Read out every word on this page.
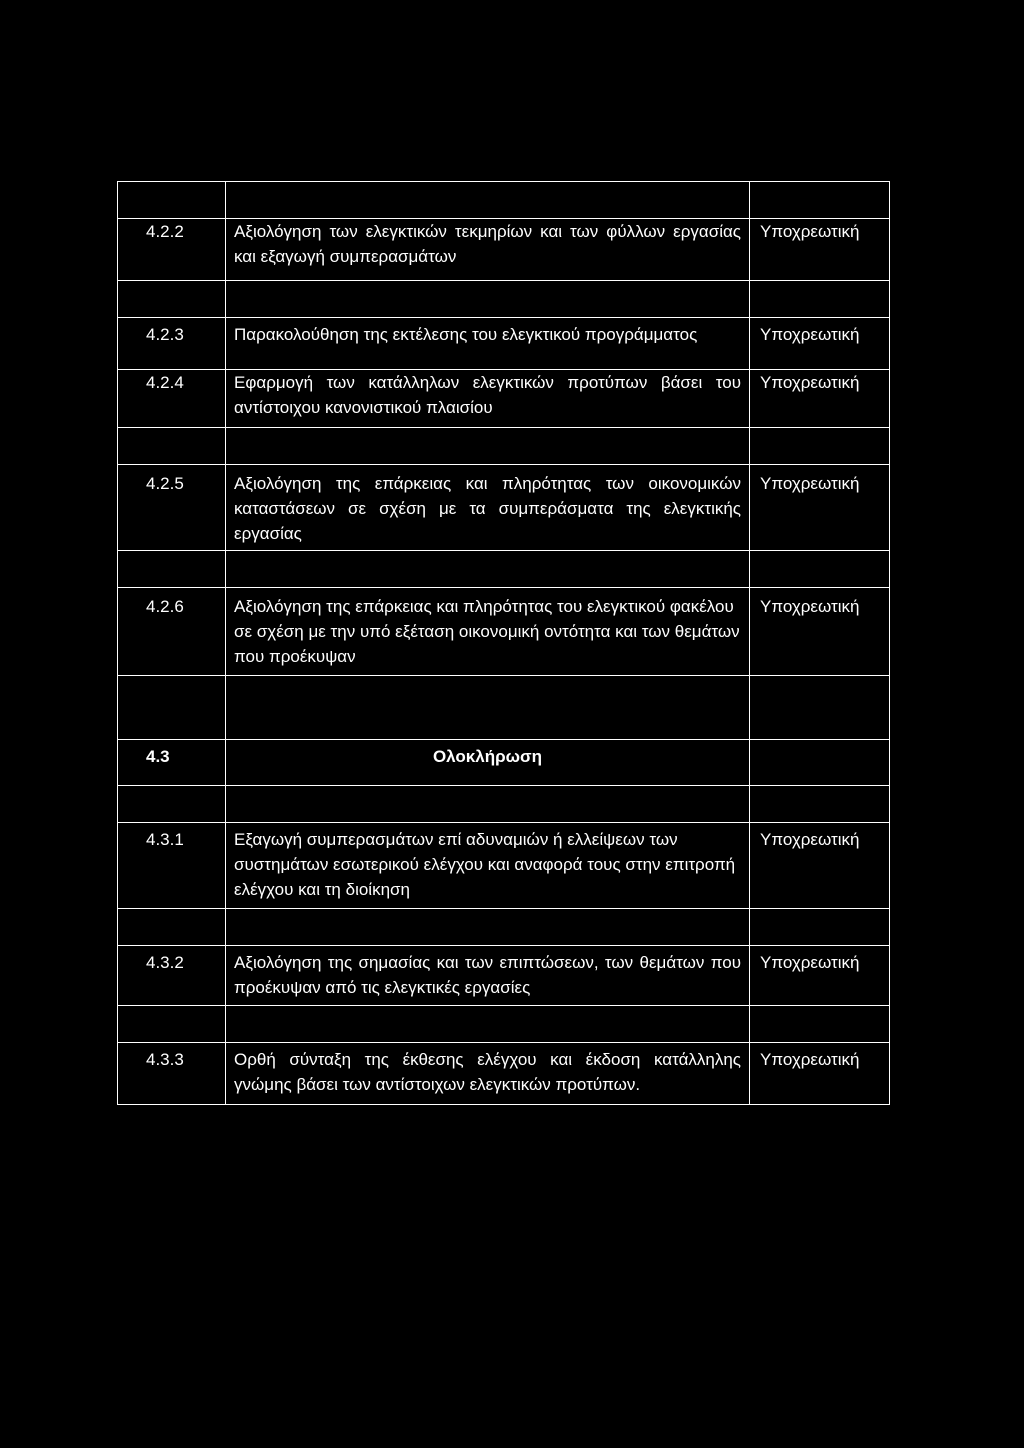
4.2.2	Αξιολόγηση των ελεγκτικών τεκμηρίων και των φύλλων εργασίας και εξαγωγή συμπερασμάτων	Υποχρεωτική

4.2.3	Παρακολούθηση της εκτέλεσης του ελεγκτικού προγράμματος	Υποχρεωτική
4.2.4	Εφαρμογή των κατάλληλων ελεγκτικών προτύπων βάσει του αντίστοιχου κανονιστικού πλαισίου	Υποχρεωτική

4.2.5	Αξιολόγηση της επάρκειας και πληρότητας των οικονομικών καταστάσεων σε σχέση με τα συμπεράσματα της ελεγκτικής εργασίας	Υποχρεωτική

4.2.6	Αξιολόγηση της επάρκειας και πληρότητας του ελεγκτικού φακέλου σε σχέση με την υπό εξέταση οικονομική οντότητα και των θεμάτων που προέκυψαν	Υποχρεωτική

4.3	Ολοκλήρωση	

4.3.1	Εξαγωγή συμπερασμάτων επί αδυναμιών ή ελλείψεων των συστημάτων εσωτερικού ελέγχου και αναφορά τους στην επιτροπή ελέγχου και τη διοίκηση	Υποχρεωτική

4.3.2	Αξιολόγηση της σημασίας και των επιπτώσεων, των θεμάτων που προέκυψαν από τις ελεγκτικές εργασίες	Υποχρεωτική

4.3.3	Ορθή σύνταξη της έκθεσης ελέγχου και έκδοση κατάλληλης γνώμης βάσει των αντίστοιχων ελεγκτικών προτύπων.	Υποχρεωτική
